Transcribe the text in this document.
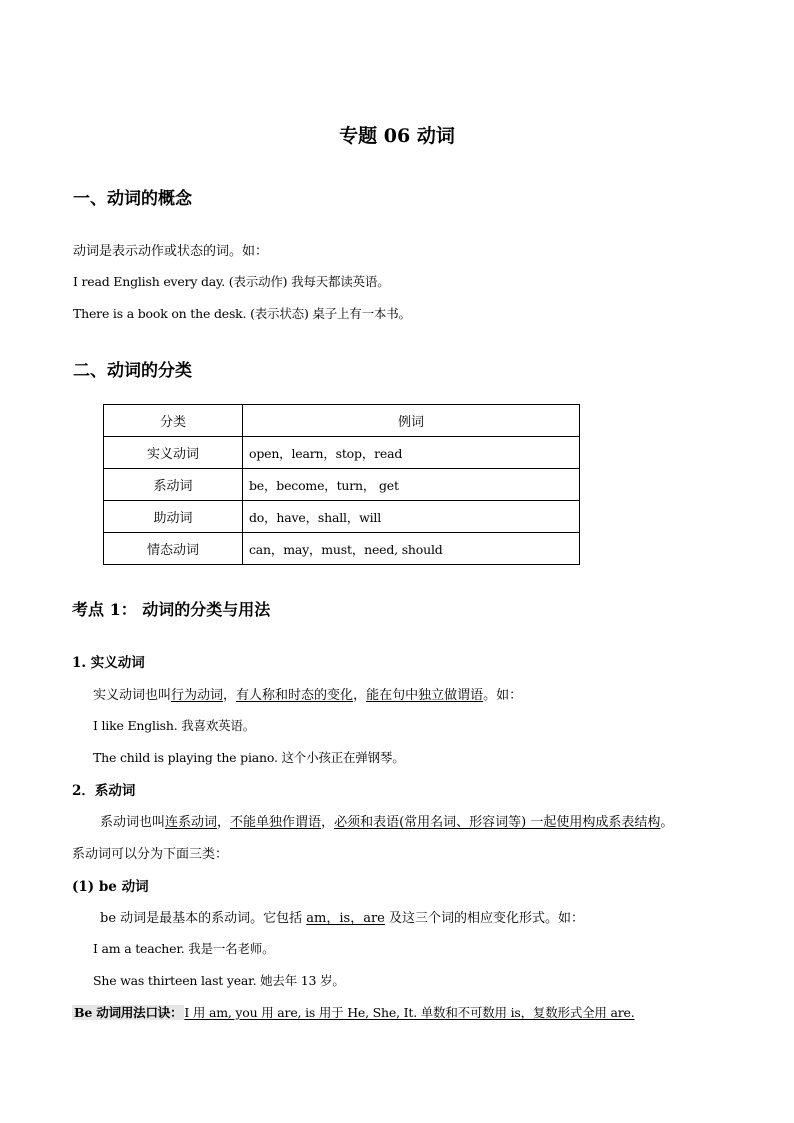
专题 06 动词
一、动词的概念
动词是表示动作或状态的词。如：
I read English every day. (表示动作) 我每天都读英语。
There is a book on the desk. (表示状态) 桌子上有一本书。
二、动词的分类
分类	例词
实义动词	open，learn，stop，read
系动词	be，become，turn， get
助动词	do，have，shall，will
情态动词	can，may，must，need, should
考点 1： 动词的分类与用法
1. 实义动词
实义动词也叫行为动词，有人称和时态的变化，能在句中独立做谓语。如：
I like English. 我喜欢英语。
The child is playing the piano. 这个小孩正在弹钢琴。
2．系动词
系动词也叫连系动词，不能单独作谓语，必须和表语(常用名词、形容词等) 一起使用构成系表结构。
系动词可以分为下面三类：
(1) be 动词
be 动词是最基本的系动词。它包括 am，is，are 及这三个词的相应变化形式。如：
I am a teacher. 我是一名老师。
She was thirteen last year. 她去年 13 岁。
Be 动词用法口诀： I 用 am, you 用 are, is 用于 He, She, It. 单数和不可数用 is，复数形式全用 are.
